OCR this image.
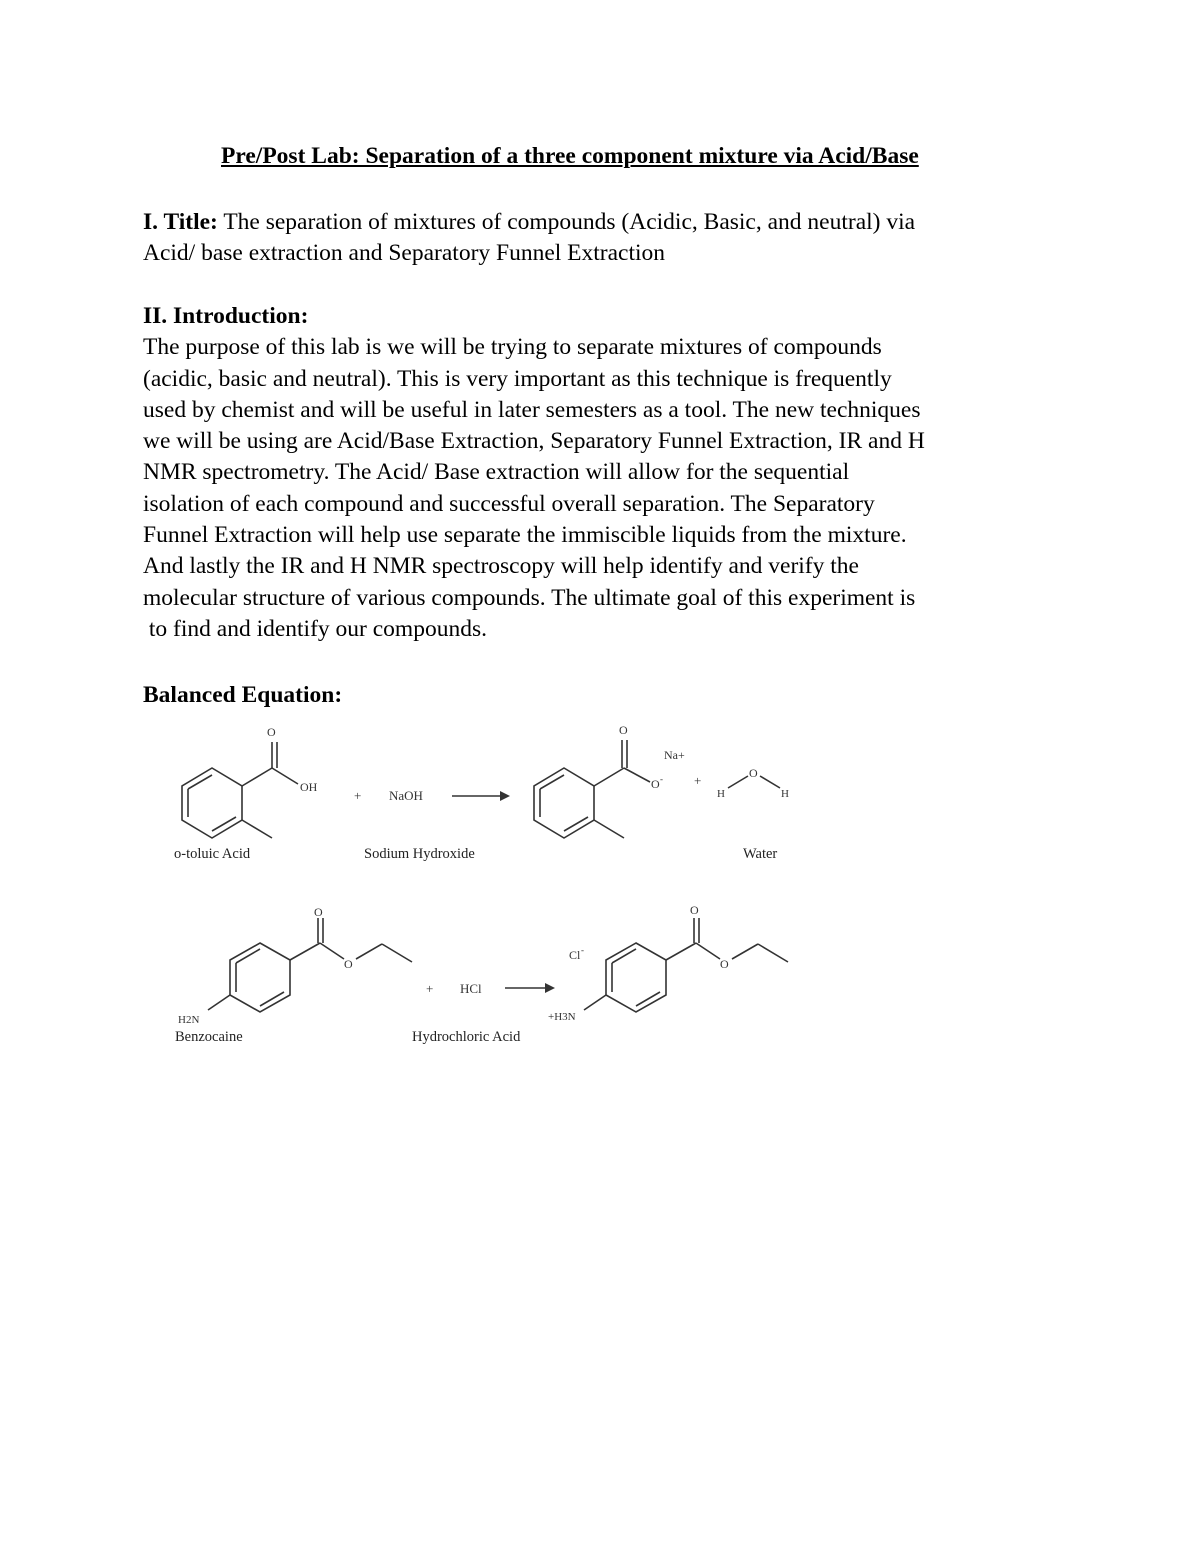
Pre/Post Lab: Separation of a three component mixture via Acid/Base
I. Title: The separation of mixtures of compounds (Acidic, Basic, and neutral) via
Acid/ base extraction and Separatory Funnel Extraction
II. Introduction:
The purpose of this lab is we will be trying to separate mixtures of compounds
(acidic, basic and neutral). This is very important as this technique is frequently
used by chemist and will be useful in later semesters as a tool. The new techniques
we will be using are Acid/Base Extraction, Separatory Funnel Extraction, IR and H
NMR spectrometry. The Acid/ Base extraction will allow for the sequential
isolation of each compound and successful overall separation. The Separatory
Funnel Extraction will help use separate the immiscible liquids from the mixture.
And lastly the IR and H NMR spectroscopy will help identify and verify the
molecular structure of various compounds. The ultimate goal of this experiment is
to find and identify our compounds.
Balanced Equation:
O
OH
+ NaOH
O
O -
Na+
+
H
O
H
o-toluic Acid	Sodium Hydroxide	Water
O
O
H2N
+ HCl
Cl -
+H3N
O
O
Benzocaine	Hydrochloric Acid
